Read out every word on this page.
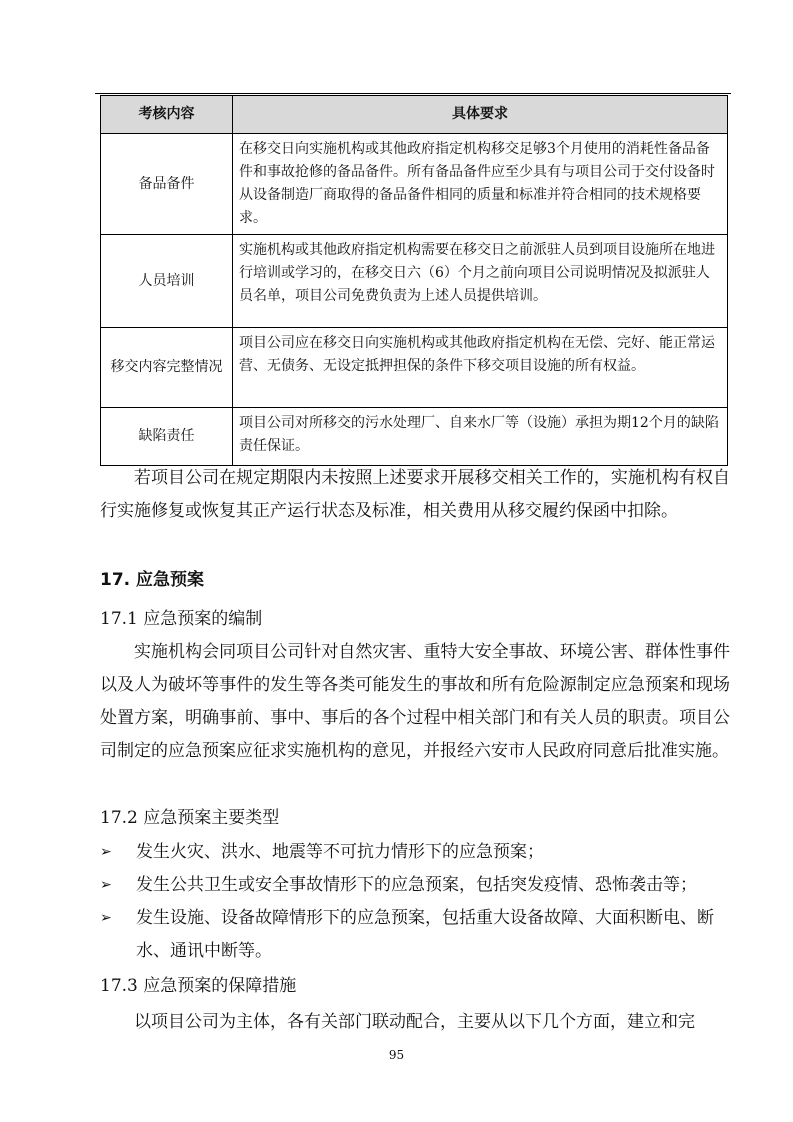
考核内容	具体要求
备品备件	在移交日向实施机构或其他政府指定机构移交足够3个月使用的消耗性备品备件和事故抢修的备品备件。所有备品备件应至少具有与项目公司于交付设备时从设备制造厂商取得的备品备件相同的质量和标准并符合相同的技术规格要求。
人员培训	实施机构或其他政府指定机构需要在移交日之前派驻人员到项目设施所在地进行培训或学习的，在移交日六（6）个月之前向项目公司说明情况及拟派驻人员名单，项目公司免费负责为上述人员提供培训。
移交内容完整情况	项目公司应在移交日向实施机构或其他政府指定机构在无偿、完好、能正常运营、无债务、无设定抵押担保的条件下移交项目设施的所有权益。
缺陷责任	项目公司对所移交的污水处理厂、自来水厂等（设施）承担为期12个月的缺陷责任保证。

若项目公司在规定期限内未按照上述要求开展移交相关工作的，实施机构有权自行实施修复或恢复其正产运行状态及标准，相关费用从移交履约保函中扣除。

17. 应急预案

17.1 应急预案的编制

实施机构会同项目公司针对自然灾害、重特大安全事故、环境公害、群体性事件以及人为破坏等事件的发生等各类可能发生的事故和所有危险源制定应急预案和现场处置方案，明确事前、事中、事后的各个过程中相关部门和有关人员的职责。项目公司制定的应急预案应征求实施机构的意见，并报经六安市人民政府同意后批准实施。

17.2 应急预案主要类型

➢ 发生火灾、洪水、地震等不可抗力情形下的应急预案；
➢ 发生公共卫生或安全事故情形下的应急预案，包括突发疫情、恐怖袭击等；
➢ 发生设施、设备故障情形下的应急预案，包括重大设备故障、大面积断电、断水、通讯中断等。

17.3 应急预案的保障措施

以项目公司为主体，各有关部门联动配合，主要从以下几个方面，建立和完

95
